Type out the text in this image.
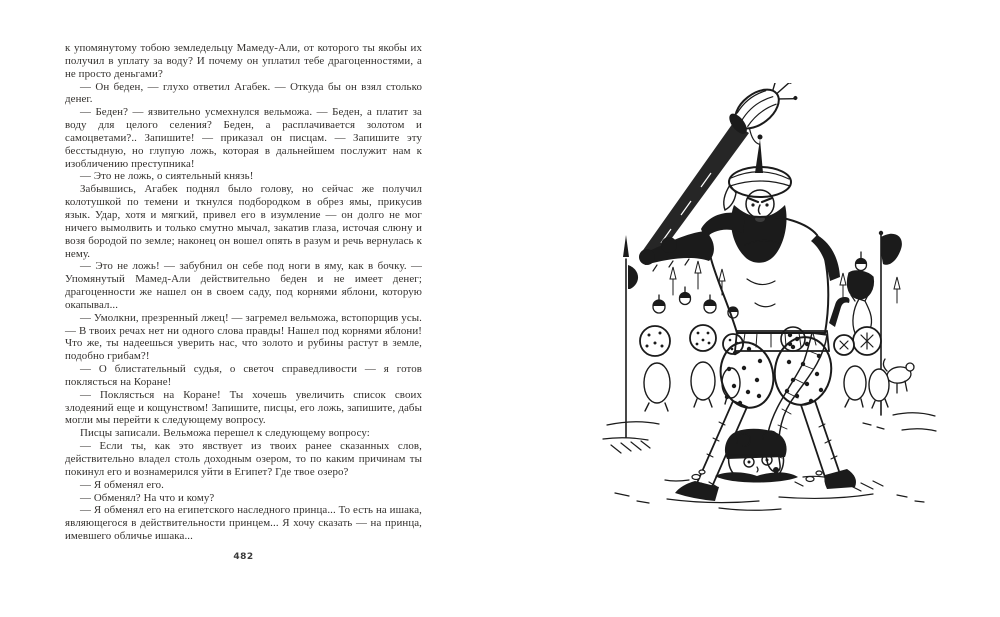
к упомянутому тобою земледельцу Мамеду-Али, от которого ты якобы их получил в уплату за воду? И почему он уплатил тебе драгоценностями, а не просто деньгами?

— Он беден, — глухо ответил Агабек. — Откуда бы он взял столько денег.

— Беден? — язвительно усмехнулся вельможа. — Беден, а платит за воду для целого селения? Беден, а расплачивается золотом и самоцветами?.. Запишите! — приказал он писцам. — Запишите эту бесстыдную, но глупую ложь, которая в дальнейшем послужит нам к изобличению преступника!

— Это не ложь, о сиятельный князь!

Забывшись, Агабек поднял было голову, но сейчас же получил колотушкой по темени и ткнулся подбородком в обрез ямы, прикусив язык. Удар, хотя и мягкий, привел его в изумление — он долго не мог ничего вымолвить и только смутно мычал, закатив глаза, источая слюну и возя бородой по земле; наконец он вошел опять в разум и речь вернулась к нему.

— Это не ложь! — забубнил он себе под ноги в яму, как в бочку. — Упомянутый Мамед-Али действительно беден и не имеет денег; драгоценности же нашел он в своем саду, под корнями яблони, которую окапывал...

— Умолкни, презренный лжец! — загремел вельможа, встопорщив усы. — В твоих речах нет ни одного слова правды! Нашел под корнями яблони! Что же, ты надеешься уверить нас, что золото и рубины растут в земле, подобно грибам?!

— О блистательный судья, о светоч справедливости — я готов поклясться на Коране!

— Поклясться на Коране! Ты хочешь увеличить список своих злодеяний еще и кощунством! Запишите, писцы, его ложь, запишите, дабы могли мы перейти к следующему вопросу.

Писцы записали. Вельможа перешел к следующему вопросу:

— Если ты, как это явствует из твоих ранее сказанных слов, действительно владел столь доходным озером, то по каким причинам ты покинул его и вознамерился уйти в Египет? Где твое озеро?

— Я обменял его.

— Обменял? На что и кому?

— Я обменял его на египетского наследного принца... То есть на ишака, являющегося в действительности принцем... Я хочу сказать — на принца, имевшего обличье ишака...

482
